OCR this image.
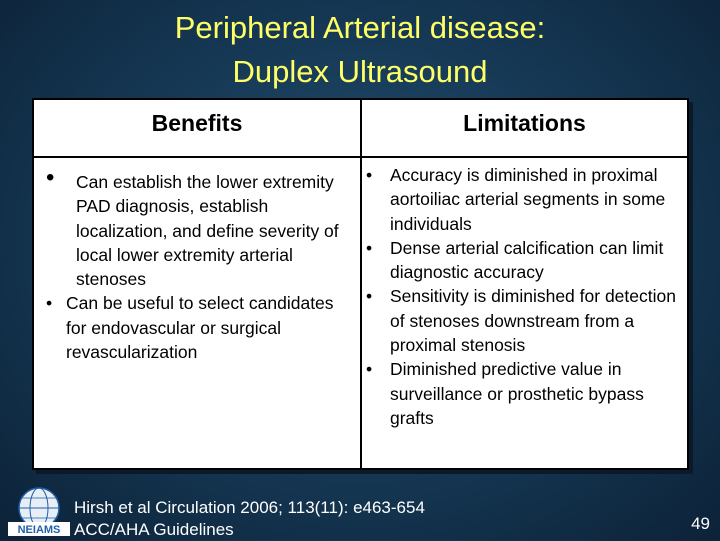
Peripheral Arterial disease:
Duplex Ultrasound
Benefits	Limitations
• Can establish the lower extremity PAD diagnosis, establish localization, and define severity of local lower extremity arterial stenoses
• Can be useful to select candidates for endovascular or surgical revascularization
• Accuracy is diminished in proximal aortoiliac arterial segments in some individuals
• Dense arterial calcification can limit diagnostic accuracy
• Sensitivity is diminished for detection of stenoses downstream from a proximal stenosis
• Diminished predictive value in surveillance or prosthetic bypass grafts
NEIAMS
Hirsh et al Circulation 2006; 113(11): e463-654
ACC/AHA Guidelines	49
